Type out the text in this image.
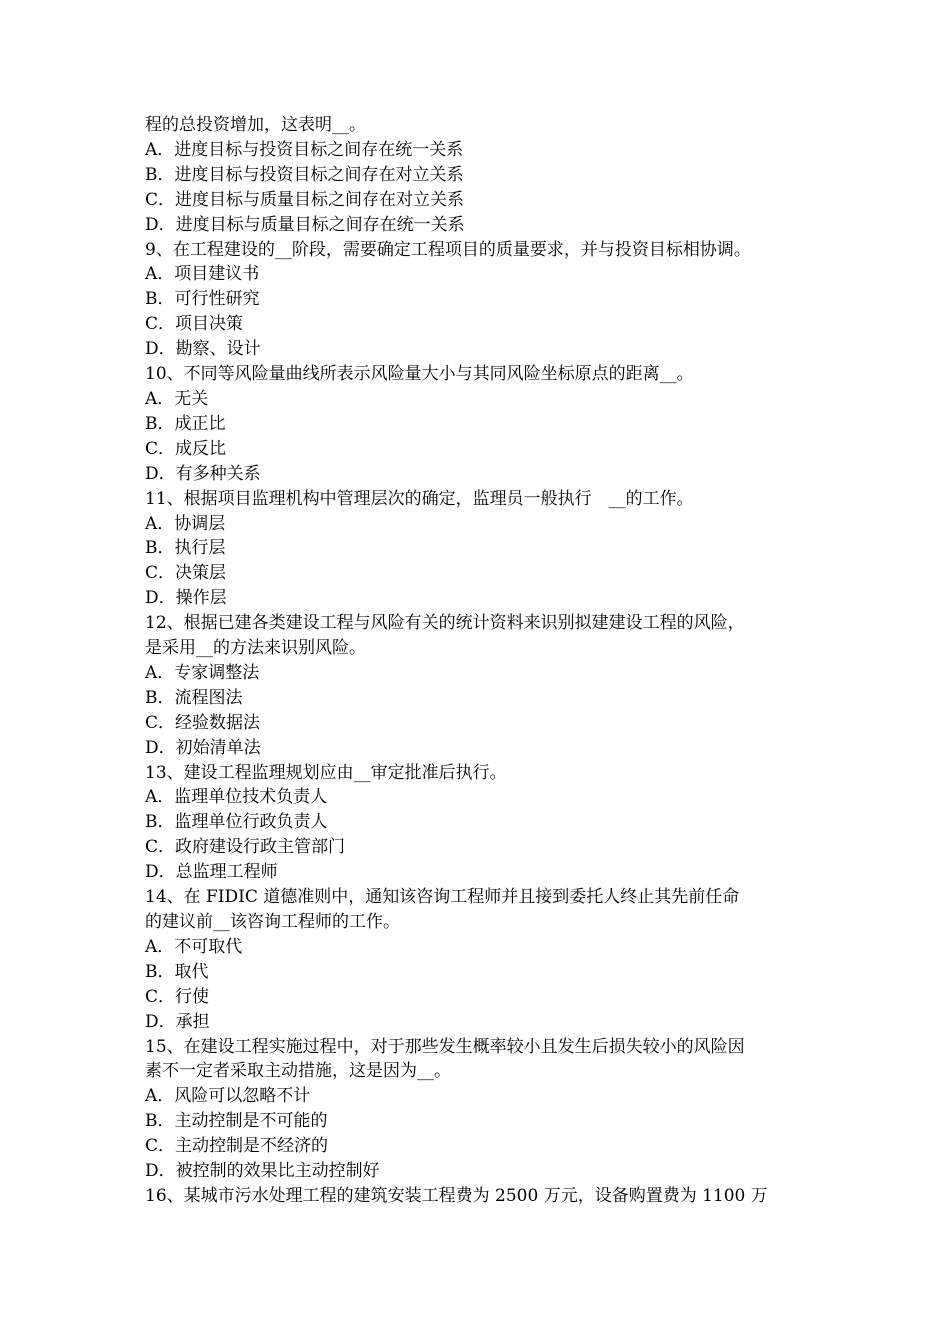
程的总投资增加，这表明__。
A．进度目标与投资目标之间存在统一关系
B．进度目标与投资目标之间存在对立关系
C．进度目标与质量目标之间存在对立关系
D．进度目标与质量目标之间存在统一关系
9、在工程建设的__阶段，需要确定工程项目的质量要求，并与投资目标相协调。
A．项目建议书
B．可行性研究
C．项目决策
D．勘察、设计
10、不同等风险量曲线所表示风险量大小与其同风险坐标原点的距离__。
A．无关
B．成正比
C．成反比
D．有多种关系
11、根据项目监理机构中管理层次的确定，监理员一般执行　__的工作。
A．协调层
B．执行层
C．决策层
D．操作层
12、根据已建各类建设工程与风险有关的统计资料来识别拟建建设工程的风险，
是采用__的方法来识别风险。
A．专家调整法
B．流程图法
C．经验数据法
D．初始清单法
13、建设工程监理规划应由__审定批准后执行。
A．监理单位技术负责人
B．监理单位行政负责人
C．政府建设行政主管部门
D．总监理工程师
14、在 FIDIC 道德准则中，通知该咨询工程师并且接到委托人终止其先前任命
的建议前__该咨询工程师的工作。
A．不可取代
B．取代
C．行使
D．承担
15、在建设工程实施过程中，对于那些发生概率较小且发生后损失较小的风险因
素不一定者采取主动措施，这是因为__。
A．风险可以忽略不计
B．主动控制是不可能的
C．主动控制是不经济的
D．被控制的效果比主动控制好
16、某城市污水处理工程的建筑安装工程费为 2500 万元，设备购置费为 1100 万
